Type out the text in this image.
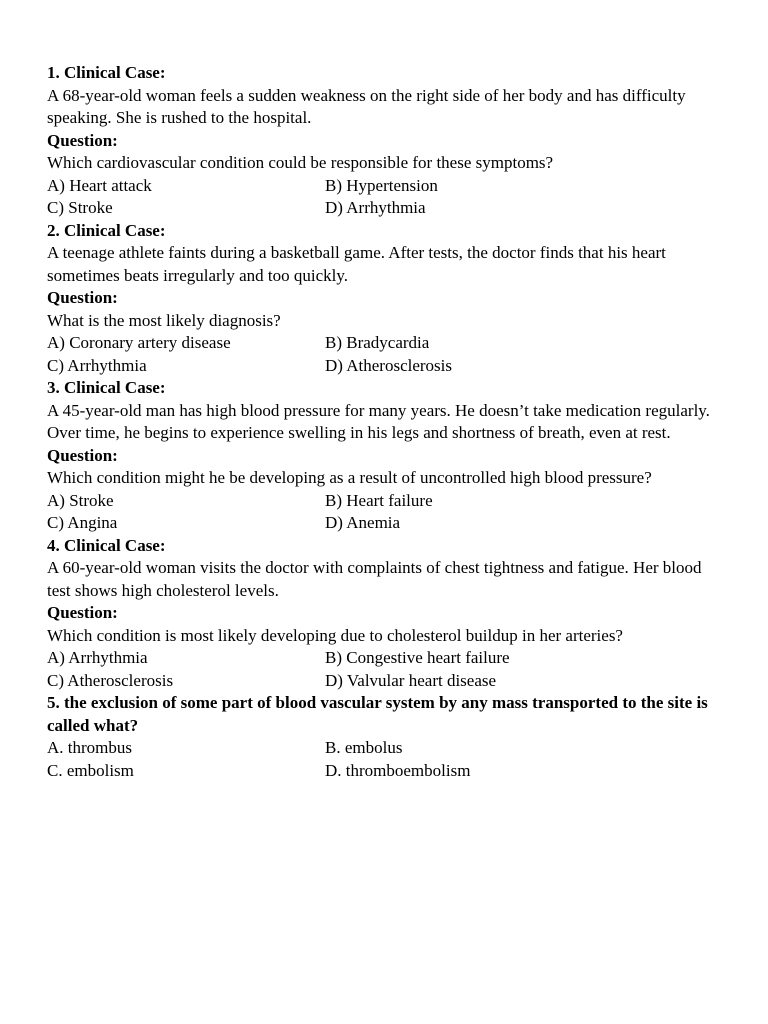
1. Clinical Case:

A 68-year-old woman feels a sudden weakness on the right side of her body and has difficulty speaking. She is rushed to the hospital.

Question:

Which cardiovascular condition could be responsible for these symptoms?

A) Heart attack	B) Hypertension
C) Stroke	D) Arrhythmia

2. Clinical Case:

A teenage athlete faints during a basketball game. After tests, the doctor finds that his heart sometimes beats irregularly and too quickly.

Question:

What is the most likely diagnosis?

A) Coronary artery disease	B) Bradycardia
C) Arrhythmia	D) Atherosclerosis

3. Clinical Case:

A 45-year-old man has high blood pressure for many years. He doesn’t take medication regularly. Over time, he begins to experience swelling in his legs and shortness of breath, even at rest.

Question:

Which condition might he be developing as a result of uncontrolled high blood pressure?

A) Stroke	B) Heart failure
C) Angina	D) Anemia

4. Clinical Case:

A 60-year-old woman visits the doctor with complaints of chest tightness and fatigue. Her blood test shows high cholesterol levels.

Question:

Which condition is most likely developing due to cholesterol buildup in her arteries?

A) Arrhythmia	B) Congestive heart failure
C) Atherosclerosis	D) Valvular heart disease

5. the exclusion of some part of blood vascular system by any mass transported to the site is called what?

A. thrombus	B. embolus
C. embolism	D. thromboembolism
